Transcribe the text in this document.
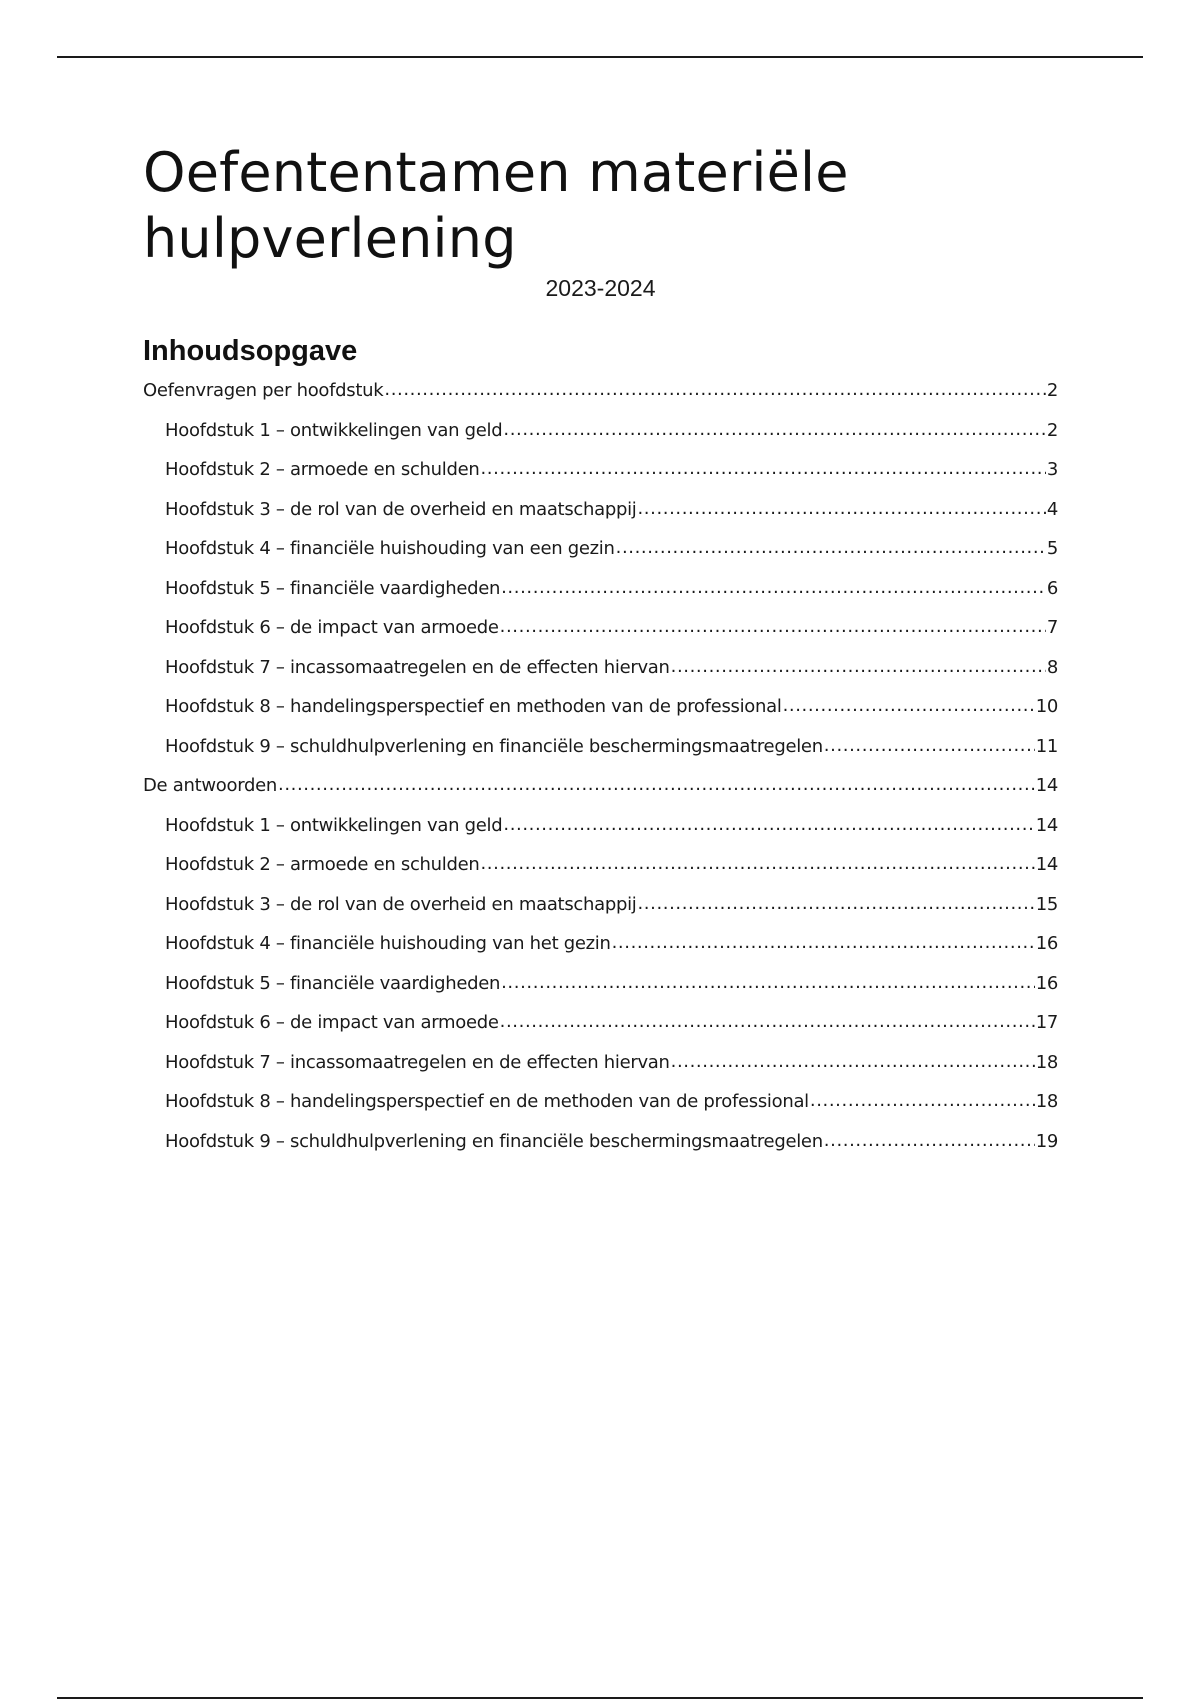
Oefententamen materiële hulpverlening
2023-2024
Inhoudsopgave
Oefenvragen per hoofdstuk .....	2
Hoofdstuk 1 – ontwikkelingen van geld .....	2
Hoofdstuk 2 – armoede en schulden .....	3
Hoofdstuk 3 – de rol van de overheid en maatschappij .....	4
Hoofdstuk 4 – financiële huishouding van een gezin .....	5
Hoofdstuk 5 – financiële vaardigheden .....	6
Hoofdstuk 6 – de impact van armoede .....	7
Hoofdstuk 7 – incassomaatregelen en de effecten hiervan .....	8
Hoofdstuk 8 – handelingsperspectief en methoden van de professional .....	10
Hoofdstuk 9 – schuldhulpverlening en financiële beschermingsmaatregelen .....	11
De antwoorden .....	14
Hoofdstuk 1 – ontwikkelingen van geld .....	14
Hoofdstuk 2 – armoede en schulden .....	14
Hoofdstuk 3 – de rol van de overheid en maatschappij .....	15
Hoofdstuk 4 – financiële huishouding van het gezin .....	16
Hoofdstuk 5 – financiële vaardigheden .....	16
Hoofdstuk 6 – de impact van armoede .....	17
Hoofdstuk 7 – incassomaatregelen en de effecten hiervan .....	18
Hoofdstuk 8 – handelingsperspectief en de methoden van de professional .....	18
Hoofdstuk 9 – schuldhulpverlening en financiële beschermingsmaatregelen .....	19
